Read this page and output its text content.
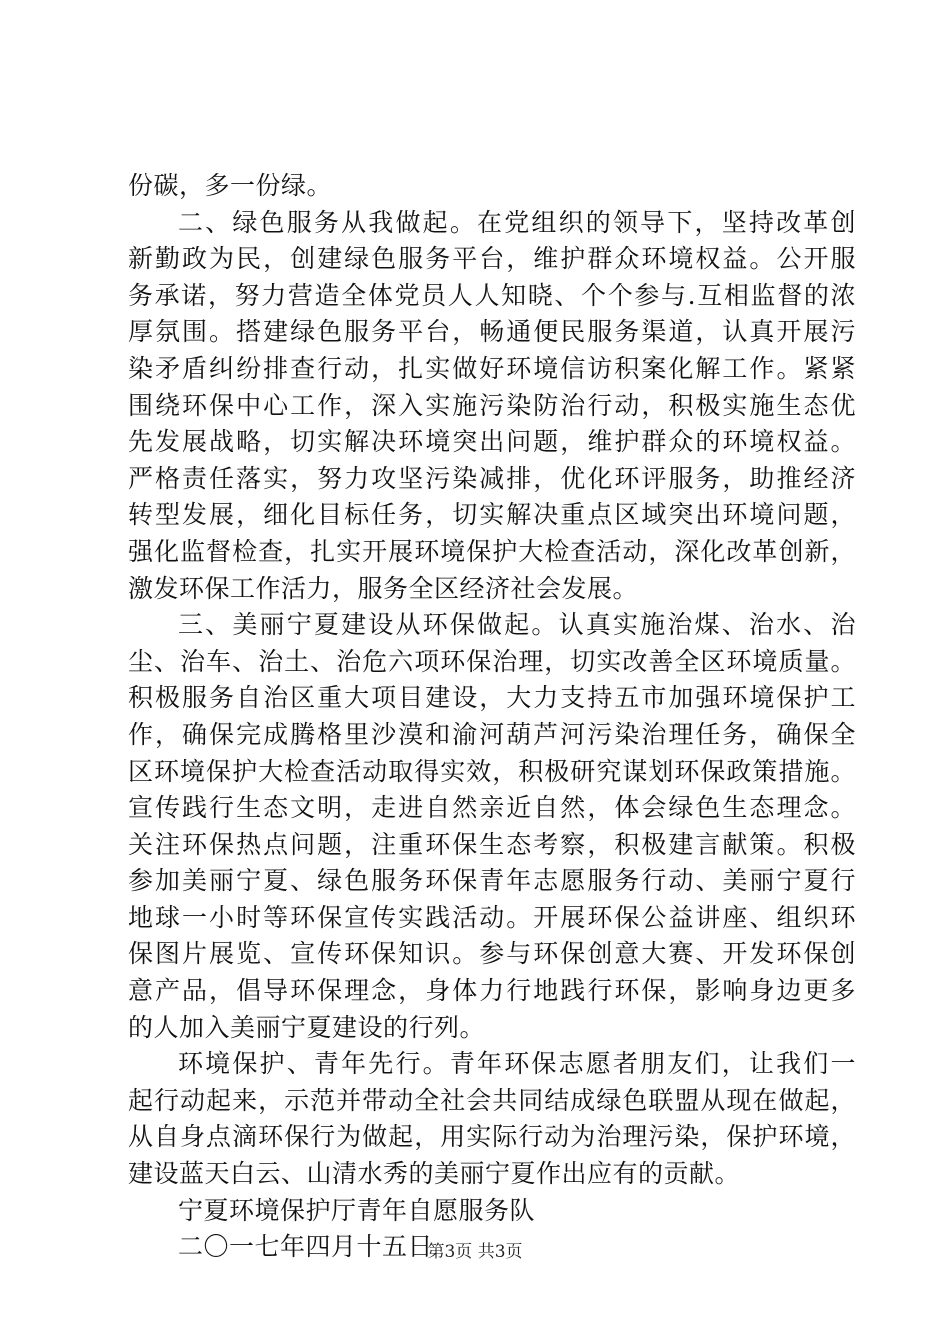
份碳，多一份绿。
二、绿色服务从我做起。在党组织的领导下，坚持改革创
新勤政为民，创建绿色服务平台，维护群众环境权益。公开服
务承诺，努力营造全体党员人人知晓、个个参与.互相监督的浓
厚氛围。搭建绿色服务平台，畅通便民服务渠道，认真开展污
染矛盾纠纷排查行动，扎实做好环境信访积案化解工作。紧紧
围绕环保中心工作，深入实施污染防治行动，积极实施生态优
先发展战略，切实解决环境突出问题，维护群众的环境权益。
严格责任落实，努力攻坚污染减排，优化环评服务，助推经济
转型发展，细化目标任务，切实解决重点区域突出环境问题，
强化监督检查，扎实开展环境保护大检查活动，深化改革创新，
激发环保工作活力，服务全区经济社会发展。
三、美丽宁夏建设从环保做起。认真实施治煤、治水、治
尘、治车、治土、治危六项环保治理，切实改善全区环境质量。
积极服务自治区重大项目建设，大力支持五市加强环境保护工
作，确保完成腾格里沙漠和渝河葫芦河污染治理任务，确保全
区环境保护大检查活动取得实效，积极研究谋划环保政策措施。
宣传践行生态文明，走进自然亲近自然，体会绿色生态理念。
关注环保热点问题，注重环保生态考察，积极建言献策。积极
参加美丽宁夏、绿色服务环保青年志愿服务行动、美丽宁夏行
地球一小时等环保宣传实践活动。开展环保公益讲座、组织环
保图片展览、宣传环保知识。参与环保创意大赛、开发环保创
意产品，倡导环保理念，身体力行地践行环保，影响身边更多
的人加入美丽宁夏建设的行列。
环境保护、青年先行。青年环保志愿者朋友们，让我们一
起行动起来，示范并带动全社会共同结成绿色联盟从现在做起，
从自身点滴环保行为做起，用实际行动为治理污染，保护环境，
建设蓝天白云、山清水秀的美丽宁夏作出应有的贡献。
宁夏环境保护厅青年自愿服务队
二〇一七年四月十五日
第3页 共3页
